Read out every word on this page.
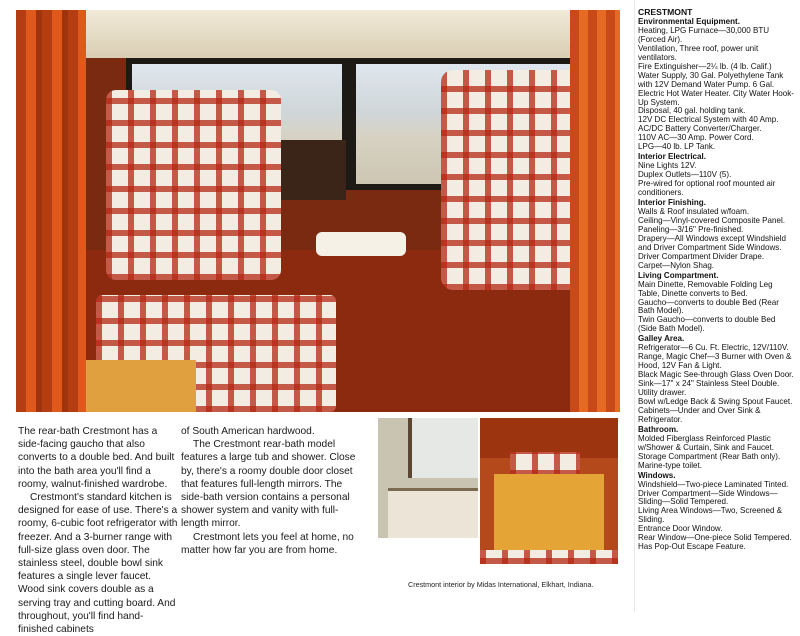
The rear-bath Crestmont has a side-facing gaucho that also converts to a double bed. And built into the bath area you'll find a roomy, walnut-finished wardrobe.

Crestmont's standard kitchen is designed for ease of use. There's a roomy, 6-cubic foot refrigerator with freezer. And a 3-burner range with full-size glass oven door. The stainless steel, double bowl sink features a single lever faucet. Wood sink covers double as a serving tray and cutting board. And throughout, you'll find hand-finished cabinets

of South American hardwood.

The Crestmont rear-bath model features a large tub and shower. Close by, there's a roomy double door closet that features full-length mirrors. The side-bath version contains a personal shower system and vanity with full-length mirror.

Crestmont lets you feel at home, no matter how far you are from home.

Crestmont interior by Midas International, Elkhart, Indiana.
CRESTMONT
Environmental Equipment.
Heating, LPG Furnace—30,000 BTU (Forced Air).
Ventilation, Three roof, power unit ventilators.
Fire Extinguisher—2¼ lb. (4 lb. Calif.)
Water Supply, 30 Gal. Polyethylene Tank with 12V Demand Water Pump. 6 Gal. Electric Hot Water Heater. City Water Hook-Up System.
Disposal, 40 gal. holding tank.
12V DC Electrical System with 40 Amp. AC/DC Battery Converter/Charger.
110V AC—30 Amp. Power Cord.
LPG—40 lb. LP Tank.
Interior Electrical.
Nine Lights 12V.
Duplex Outlets—110V (5).
Pre-wired for optional roof mounted air conditioners.
Interior Finishing.
Walls & Roof insulated w/foam.
Ceiling—Vinyl-covered Composite Panel.
Paneling—3/16" Pre-finished.
Drapery—All Windows except Windshield and Driver Compartment Side Windows. Driver Compartment Divider Drape.
Carpet—Nylon Shag.
Living Compartment.
Main Dinette, Removable Folding Leg Table, Dinette converts to Bed.
Gaucho—converts to double Bed (Rear Bath Model).
Twin Gaucho—converts to double Bed (Side Bath Model).
Galley Area.
Refrigerator—6 Cu. Ft. Electric, 12V/110V.
Range, Magic Chef—3 Burner with Oven & Hood, 12V Fan & Light.
Black Magic See-through Glass Oven Door.
Sink—17" x 24" Stainless Steel Double.
Utility drawer.
Bowl w/Ledge Back & Swing Spout Faucet.
Cabinets—Under and Over Sink & Refrigerator.
Bathroom.
Molded Fiberglass Reinforced Plastic w/Shower & Curtain, Sink and Faucet.
Storage Compartment (Rear Bath only).
Marine-type toilet.
Windows.
Windshield—Two-piece Laminated Tinted.
Driver Compartment—Side Windows—Sliding—Solid Tempered.
Living Area Windows—Two, Screened & Sliding.
Entrance Door Window.
Rear Window—One-piece Solid Tempered. Has Pop-Out Escape Feature.
